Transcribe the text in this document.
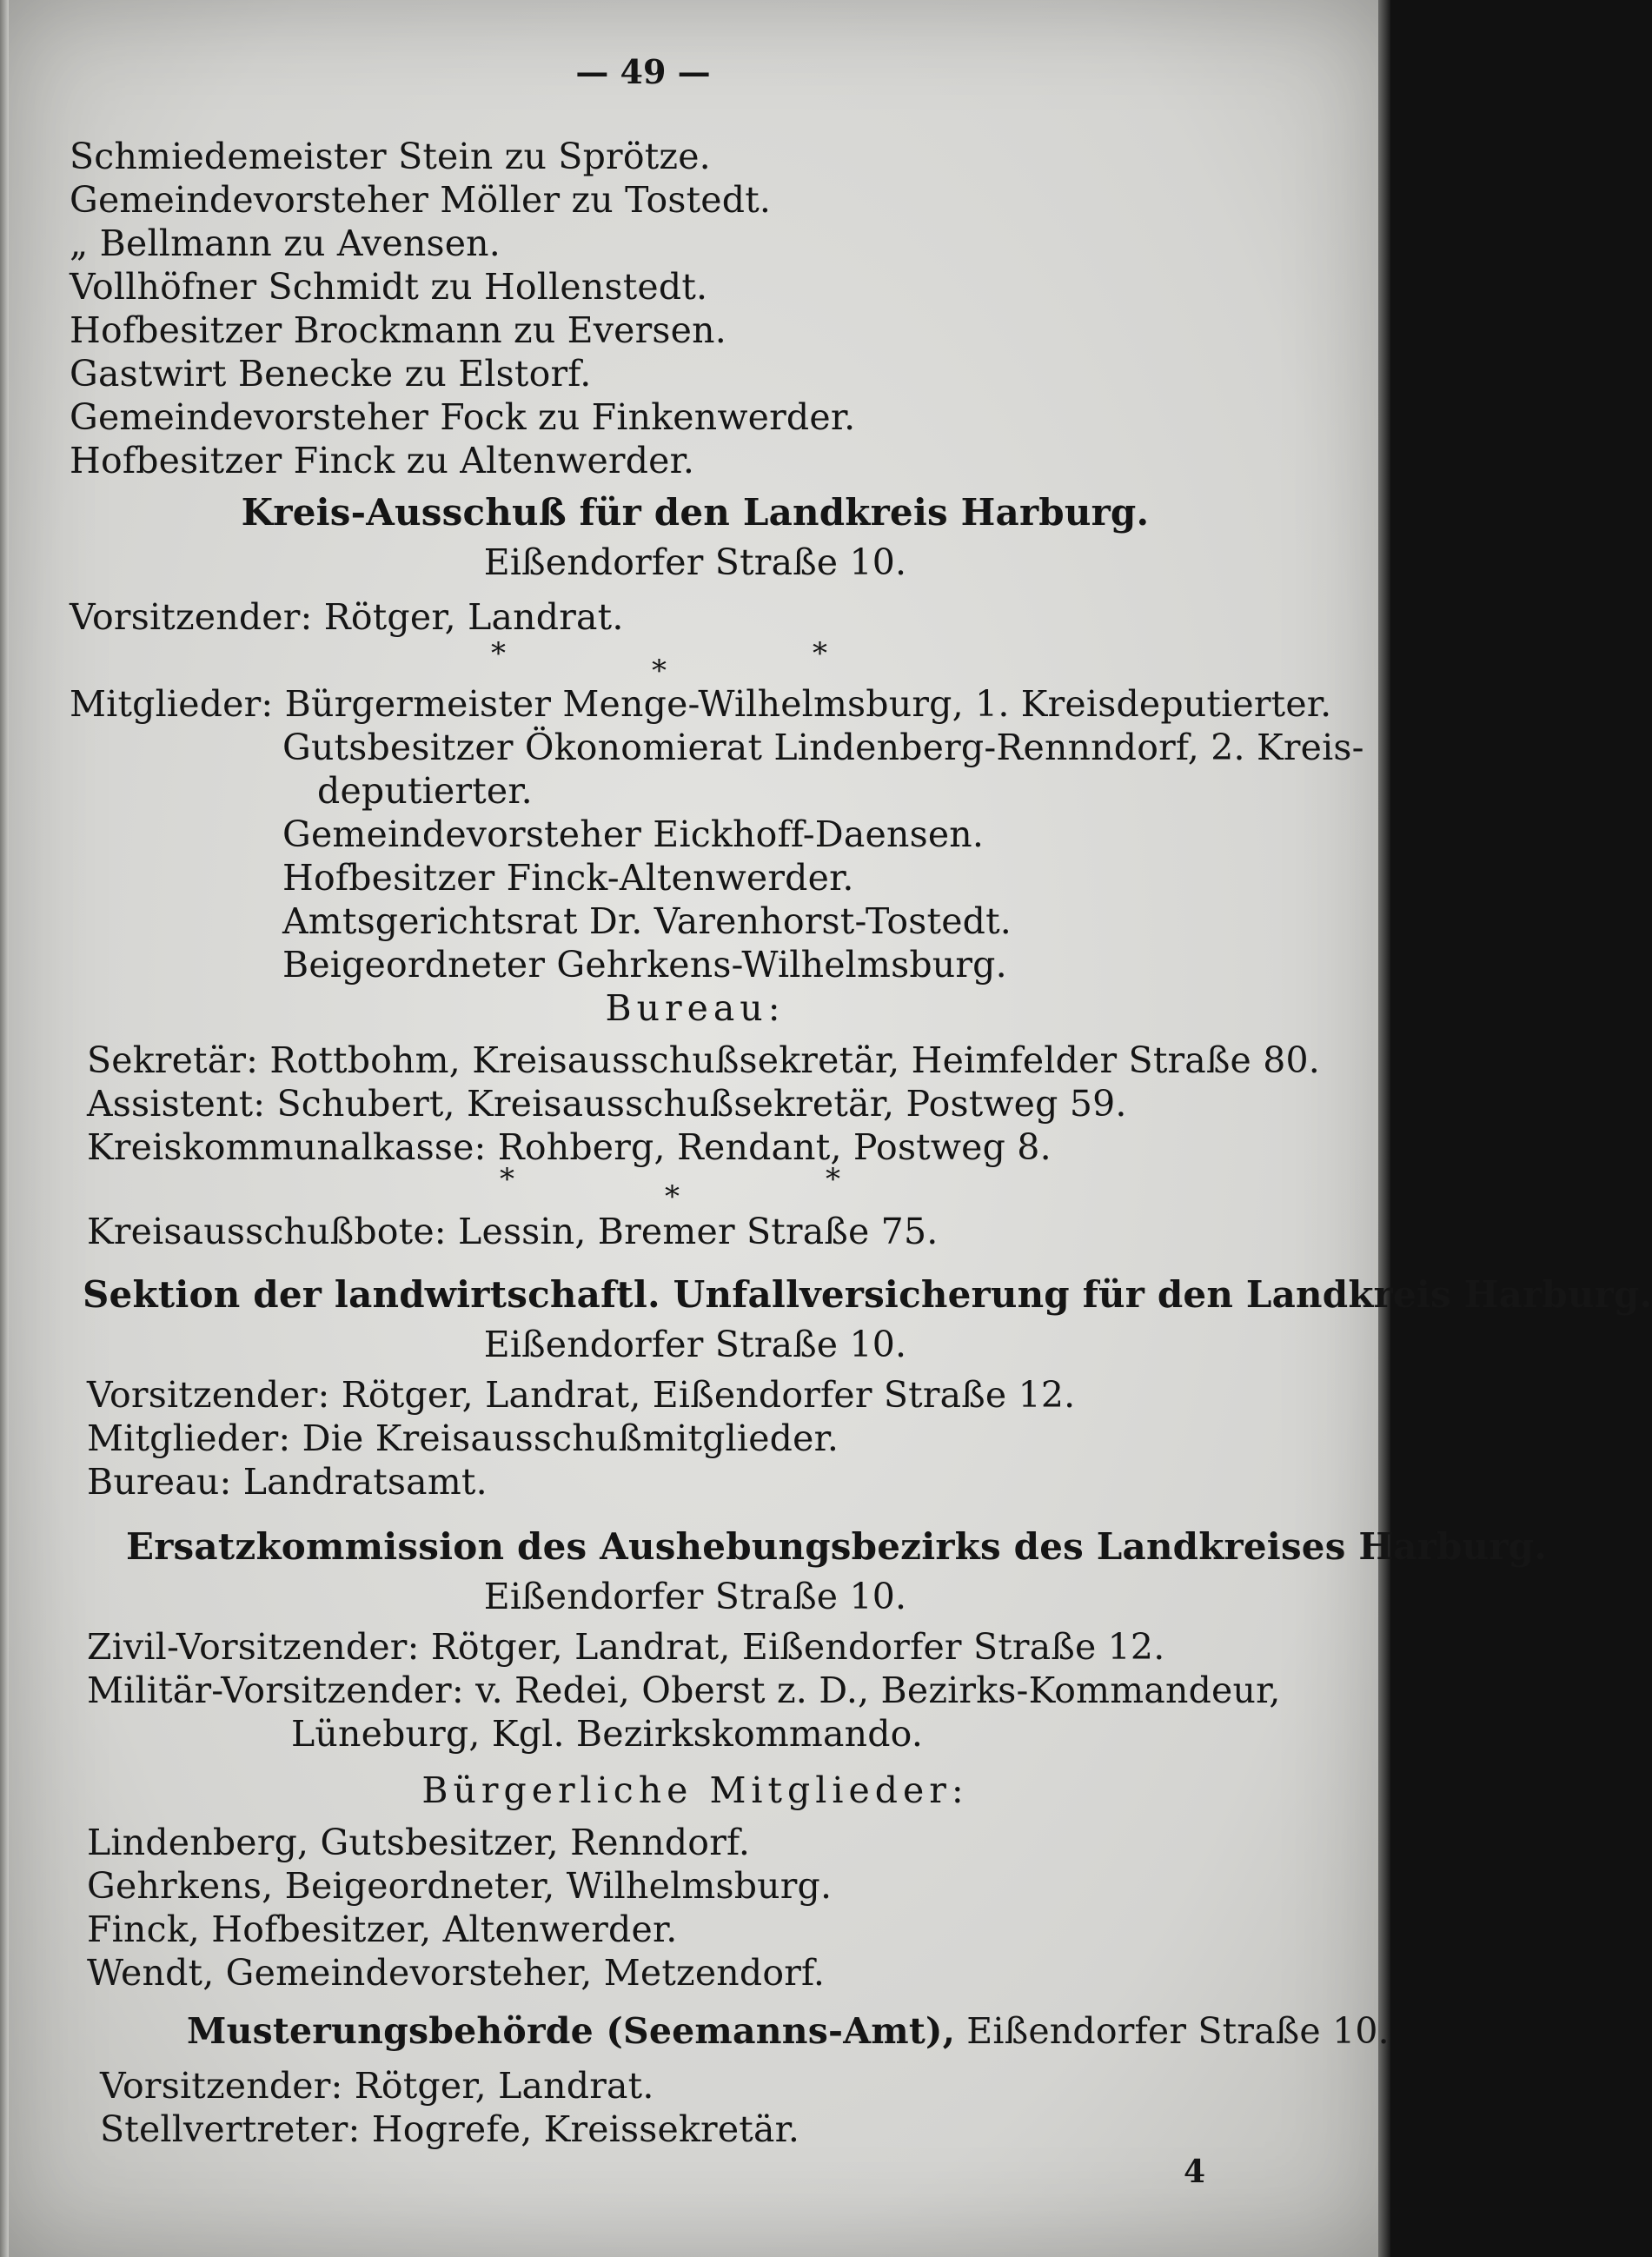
— 49 —
Schmiedemeister Stein zu Sprötze.
Gemeindevorsteher Möller zu Tostedt.
„ Bellmann zu Avensen.
Vollhöfner Schmidt zu Hollenstedt.
Hofbesitzer Brockmann zu Eversen.
Gastwirt Benecke zu Elstorf.
Gemeindevorsteher Fock zu Finkenwerder.
Hofbesitzer Finck zu Altenwerder.
Kreis-Ausschuß für den Landkreis Harburg.
Eißendorfer Straße 10.
Vorsitzender: Rötger, Landrat.
*	*	*
Mitglieder: Bürgermeister Menge-Wilhelmsburg, 1. Kreisdeputierter.
Gutsbesitzer Ökonomierat Lindenberg-Rennndorf, 2. Kreis-
deputierter.
Gemeindevorsteher Eickhoff-Daensen.
Hofbesitzer Finck-Altenwerder.
Amtsgerichtsrat Dr. Varenhorst-Tostedt.
Beigeordneter Gehrkens-Wilhelmsburg.
Bureau:
Sekretär: Rottbohm, Kreisausschußsekretär, Heimfelder Straße 80.
Assistent: Schubert, Kreisausschußsekretär, Postweg 59.
Kreiskommunalkasse: Rohberg, Rendant, Postweg 8.
*	*	*
Kreisausschußbote: Lessin, Bremer Straße 75.
Sektion der landwirtschaftl. Unfallversicherung für den Landkreis Harburg.
Eißendorfer Straße 10.
Vorsitzender: Rötger, Landrat, Eißendorfer Straße 12.
Mitglieder: Die Kreisausschußmitglieder.
Bureau: Landratsamt.
Ersatzkommission des Aushebungsbezirks des Landkreises Harburg.
Eißendorfer Straße 10.
Zivil-Vorsitzender: Rötger, Landrat, Eißendorfer Straße 12.
Militär-Vorsitzender: v. Redei, Oberst z. D., Bezirks-Kommandeur,
Lüneburg, Kgl. Bezirkskommando.
Bürgerliche Mitglieder:
Lindenberg, Gutsbesitzer, Renndorf.
Gehrkens, Beigeordneter, Wilhelmsburg.
Finck, Hofbesitzer, Altenwerder.
Wendt, Gemeindevorsteher, Metzendorf.
Musterungsbehörde (Seemanns-Amt), Eißendorfer Straße 10.
Vorsitzender: Rötger, Landrat.
Stellvertreter: Hogrefe, Kreissekretär.
4
